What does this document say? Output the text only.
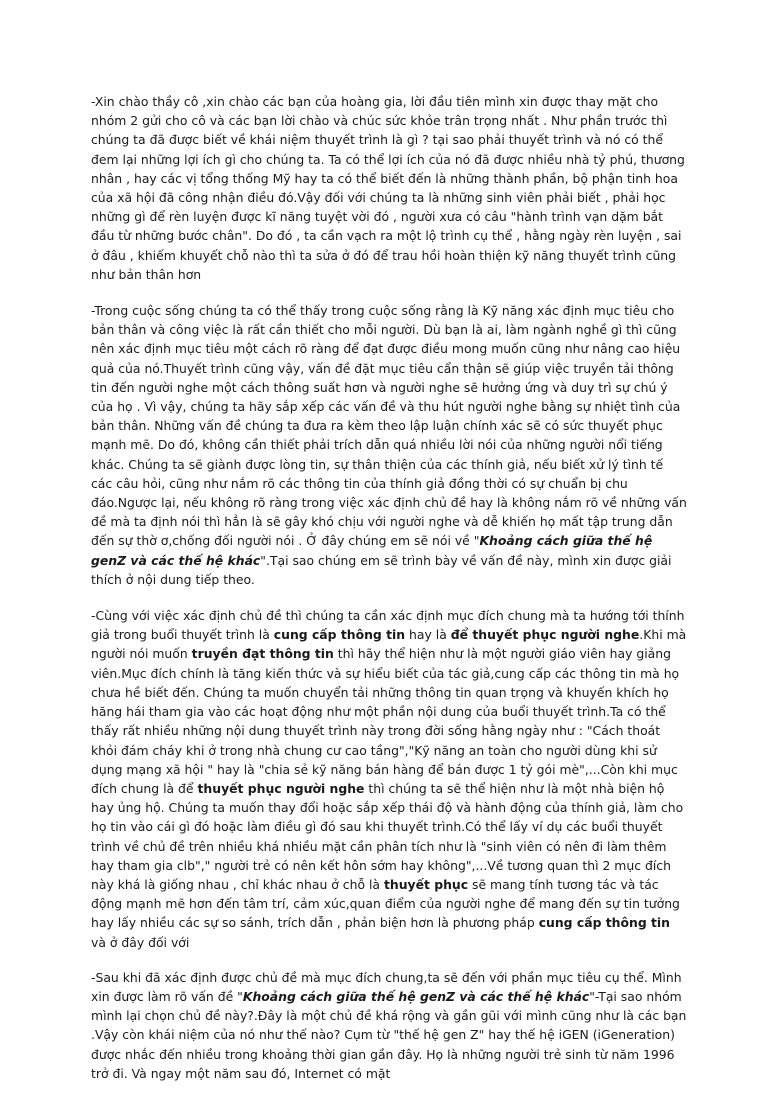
-Xin chào thầy cô ,xin chào các bạn của hoàng gia, lời đầu tiên mình xin được thay mặt cho nhóm 2 gửi cho cô và các bạn lời chào và chúc sức khỏe trân trọng nhất . Như phần trước thì chúng ta đã được biết về khái niệm thuyết trình là gì ? tại sao phải thuyết trình và nó có thể đem lại những lợi ích gì cho chúng ta. Ta có thể lợi ích của nó đã được nhiều nhà tỷ phú, thương nhân , hay các vị tổng thống Mỹ hay ta có thể biết đến là những thành phần, bộ phận tinh hoa của xã hội đã công nhận điều đó.Vậy đối với chúng ta là những sinh viên phải biết , phải học những gì để rèn luyện được kĩ năng tuyệt vời đó , người xưa có câu "hành trình vạn dặm bắt đầu từ những bước chân". Do đó , ta cần vạch ra một lộ trình cụ thể , hằng ngày rèn luyện , sai ở đâu , khiếm khuyết chỗ nào thì ta sửa ở đó để trau hồi hoàn thiện kỹ năng thuyết trình cũng như bản thân hơn

-Trong cuộc sống chúng ta có thể thấy trong cuộc sống rằng là Kỹ năng xác định mục tiêu cho bản thân và công việc là rất cần thiết cho mỗi người. Dù bạn là ai, làm ngành nghề gì thì cũng nên xác định mục tiêu một cách rõ ràng để đạt được điều mong muốn cũng như nâng cao hiệu quả của nó.Thuyết trình cũng vậy, vấn đề đặt mục tiêu cẩn thận sẽ giúp việc truyền tải thông tin đến người nghe một cách thông suất hơn và người nghe sẽ hưởng ứng và duy trì sự chú ý của họ . Vì vậy, chúng ta hãy sắp xếp các vấn đề và thu hút người nghe bằng sự nhiệt tình của bản thân. Những vấn đề chúng ta đưa ra kèm theo lập luận chính xác sẽ có sức thuyết phục mạnh mẽ. Do đó, không cần thiết phải trích dẫn quá nhiều lời nói của những người nổi tiếng khác. Chúng ta sẽ giành được lòng tin, sự thân thiện của các thính giả, nếu biết xử lý tình tế các câu hỏi, cũng như nắm rõ các thông tin của thính giả đồng thời có sự chuẩn bị chu đáo.Ngược lại, nếu không rõ ràng trong việc xác định chủ đề hay là không nắm rõ về những vấn đề mà ta định nói thì hẳn là sẽ gây khó chịu với người nghe và dễ khiến họ mất tập trung dẫn đến sự thờ ơ,chống đối người nói . Ở đây chúng em sẽ nói về "Khoảng cách giữa thế hệ genZ và các thế hệ khác".Tại sao chúng em sẽ trình bày về vấn đề này, mình xin được giải thích ở nội dung tiếp theo.

-Cùng với việc xác định chủ đề thì chúng ta cần xác định mục đích chung mà ta hướng tới thính giả trong buổi thuyết trình là cung cấp thông tin hay là để thuyết phục người nghe.Khi mà người nói muốn truyền đạt thông tin thì hãy thể hiện như là một người giáo viên hay giảng viên.Mục đích chính là tăng kiến thức và sự hiểu biết của tác giả,cung cấp các thông tin mà họ chưa hề biết đến. Chúng ta muốn chuyển tải những thông tin quan trọng và khuyến khích họ hăng hái tham gia vào các hoạt động như một phần nội dung của buổi thuyết trình.Ta có thể thấy rất nhiều những nội dung thuyết trình này trong đời sống hằng ngày như : "Cách thoát khỏi đám cháy khi ở trong nhà chung cư cao tầng","Kỹ năng an toàn cho người dùng khi sử dụng mạng xã hội " hay là "chia sẻ kỹ năng bán hàng để bán được 1 tỷ gói mè",...Còn khi mục đích chung là để thuyết phục người nghe thì chúng ta sẽ thể hiện như là một nhà biện hộ hay ủng hộ. Chúng ta muốn thay đổi hoặc sắp xếp thái độ và hành động của thính giả, làm cho họ tin vào cái gì đó hoặc làm điều gì đó sau khi thuyết trình.Có thể lấy ví dụ các buổi thuyết trình về chủ đề trên nhiều khá nhiều mặt cần phân tích như là "sinh viên có nên đi làm thêm hay tham gia clb"," người trẻ có nên kết hôn sớm hay không",...Về tương quan thì 2 mục đích này khá là giống nhau , chỉ khác nhau ở chỗ là thuyết phục sẽ mang tính tương tác và tác động mạnh mẽ hơn đến tâm trí, cảm xúc,quan điểm của người nghe để mang đến sự tin tưởng hay lấy nhiều các sự so sánh, trích dẫn , phản biện hơn là phương pháp cung cấp thông tin và ở đây đối với

-Sau khi đã xác định được chủ đề mà mục đích chung,ta sẽ đến với phần mục tiêu cụ thể. Mình xin được làm rõ vấn đề "Khoảng cách giữa thế hệ genZ và các thế hệ khác"-Tại sao nhóm mình lại chọn chủ đề này?.Đây là một chủ đề khá rộng và gần gũi với mình cũng như là các bạn .Vậy còn khái niệm của nó như thế nào? Cụm từ "thế hệ gen Z" hay thế hệ iGEN (iGeneration) được nhắc đến nhiều trong khoảng thời gian gần đây. Họ là những người trẻ sinh từ năm 1996 trở đi. Và ngay một năm sau đó, Internet có mặt
